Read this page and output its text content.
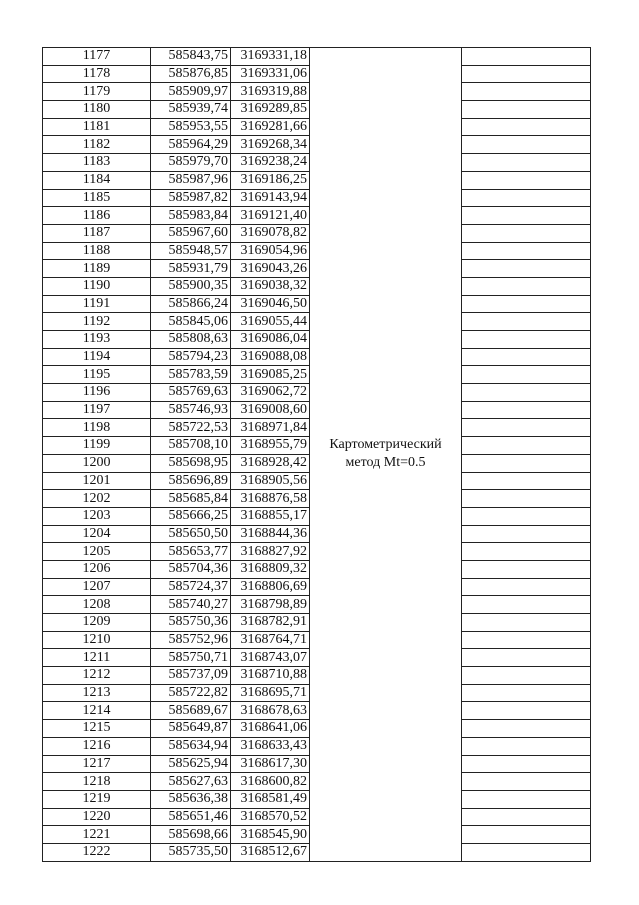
1177	585843,75	3169331,18	Картометрический
метод Mt=0.5	

1178	585876,85	3169331,06		
1179	585909,97	3169319,88		
1180	585939,74	3169289,85		
1181	585953,55	3169281,66		
1182	585964,29	3169268,34		
1183	585979,70	3169238,24		
1184	585987,96	3169186,25		
1185	585987,82	3169143,94		
1186	585983,84	3169121,40		
1187	585967,60	3169078,82		
1188	585948,57	3169054,96		
1189	585931,79	3169043,26		
1190	585900,35	3169038,32		
1191	585866,24	3169046,50		
1192	585845,06	3169055,44		
1193	585808,63	3169086,04		
1194	585794,23	3169088,08		
1195	585783,59	3169085,25		
1196	585769,63	3169062,72		
1197	585746,93	3169008,60		
1198	585722,53	3168971,84		
1199	585708,10	3168955,79		
1200	585698,95	3168928,42		
1201	585696,89	3168905,56		
1202	585685,84	3168876,58		
1203	585666,25	3168855,17		
1204	585650,50	3168844,36		
1205	585653,77	3168827,92		
1206	585704,36	3168809,32		
1207	585724,37	3168806,69		
1208	585740,27	3168798,89		
1209	585750,36	3168782,91		
1210	585752,96	3168764,71		
1211	585750,71	3168743,07		
1212	585737,09	3168710,88		
1213	585722,82	3168695,71		
1214	585689,67	3168678,63		
1215	585649,87	3168641,06		
1216	585634,94	3168633,43		
1217	585625,94	3168617,30		
1218	585627,63	3168600,82		
1219	585636,38	3168581,49		
1220	585651,46	3168570,52		
1221	585698,66	3168545,90		
1222	585735,50	3168512,67		
